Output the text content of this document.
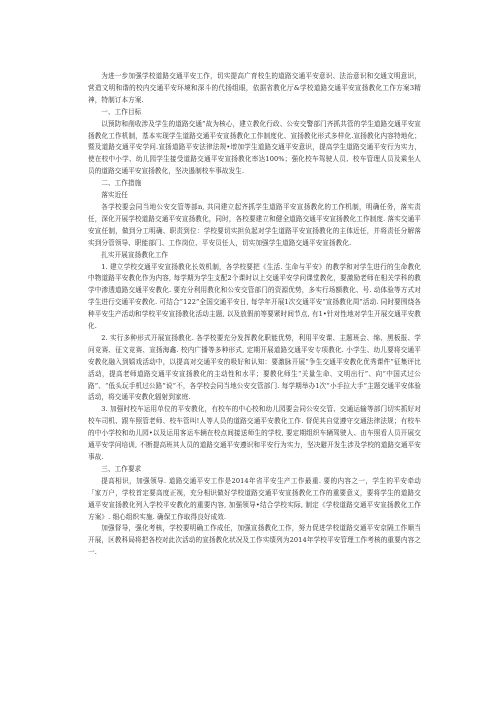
为进一步加强学校道路交通平安工作，切实提高广育校生的道路交通平安意识、法治意识和交通文明意识，营造文明和谐的校内交通平安环境和深斗的代扬组眼，依据省教化厅&学校道路交通平安宣扬教化工作方案3精神，特制订本方案.

一、工作目标

以预防和削收涉及学生的道路交通”故为核心，建立教化行政、公安交警部门齐抓共管的学生道路交通平安宣扬教化工作机制，基本实现学生道路交通平安宣扬教化工作制度化、宣扬教化形式多样化.宣扬教化内容特地化；暨及道路交通平安学问.宣扬道路平安法律法规•增加学生道路交通平安意识，提高学生道路交通平安行为实力，使在校中小学、幼儿园学生接受道路交通平安宣扬教化率达100%；强化校车驾驶人员、校车管理人员及乘坐人员的道路交通平安宣扬教化，坚决遏制校车事故发生.

二、工作措施

落实近任

各学校要会同当地公安交管等部n, 共同建立起齐抓学生道路平安宣扬教化的工作机制，明确任务，落实责任，深化开展学校道路交通平安宣扬教化，同时，各校要建立和健全道路交通平安宣扬教化工作制度. 落实交通平安宣任制，做到分工明确、职责到位：学校要切实担负起对学生道路平安宣扬教化的主体近任，并将责任分解落实到分管领导、职能部门、工作岗位、平安员任人，切实加强学生道路交通平安宣扬教化.

扎实开展宣扬教化工作

1. 建立学校交通平安宣扬教化长效机制，各学校要把《生活. 生命与平安》的教学和对学生进行的生命教化中物道路平安教化作为内容, 每学期为学生支配2个课时以上交通平安学问课堂教化，要激励老师在相关学科的教学中渗透道路交通平安教化. 要充分利用教化和公安交管部门的资源优势，多实行场额教化、号. 动体验等方式对学生进行交通平安教化. 可结合“122”全国交通平安日, 每学年开展1次交通平安“宣扬教化周”活动. 同时要围绕各种平安生产活动和学校平安宣扬教化活动主题, 以及放假前等要紧时间节点, 有1•针对性地对学生开展交通平安教化.

2. 实行多种形式开展宣扬教化. 各学校要充分发挥教化职能优势，利用平安课、主题班会、绵、黑板报、学问竞赛、征文竞赛、宣扬海鑫. 校内广播等多种形式, 定期开展道路交通平安专项教化. 小学生、幼儿要将交通平安教化融入到嬉戏活动中，以提高对交通平安的吸好和认知：要激脉开展“争生交通平安教化优秀课件”征集评比活动，提高老师道路交通平安宣扬教化的主动性和水平；要教化师生“关量生命、文明出行”、向“中国式过公路”、“低头玩手机过公路”说”不，各学校会同当地公安交管部门. 每学期举办1次“小手拉大手”主题交通平安体验活动，将交通平安教化辐射到家庭.

3. 加强时校车运用单位的平安教化，有校车的中心校和幼儿园要会同公安交管、交通运输等部门切实抓好对校车司机、跟车照管老师、校车管叫!人等人员的道路交通平安教化工作. 督促其自觉遵守交通法律法规；有校车的中小学校和幼儿园•以及运用客运车辆在校点间接送师生的学校, 要定期组织车辆驾驶人、由车照看人员开展交通平安学问培训, 不断提高班其人员的道路交通平安遵识和平安行为实力，坚决避开发生涉及学校的道路交通平安事故.

三、工作要求

提高相识，加强领导. 道路交通平安工作是2014年省平安生产工作最重. 要的内容之一，学生的平安牵动「家万户，学校首定要高度正视，充分相识做好学校道路交通平安宣扬教化工作的重要意义，要将学生的道路交通平安宣扬教化列入学校平安教化的重要内容, 加强领导•结合学校实际, 制定《学校道路交通平安宣扬教化工作方案》. 细心组织实施. 确保工作取得良好成效.

加强督导，强化考核，学校要明确工作成任，加强宣扬教化工作，努力促进学校道路交通平安京隔工作顺当开展，区教科局将把各校对此次活动的宣扬教化状况及工作实绩列为2014年学校平安管理工作考核的重要内容之一.
